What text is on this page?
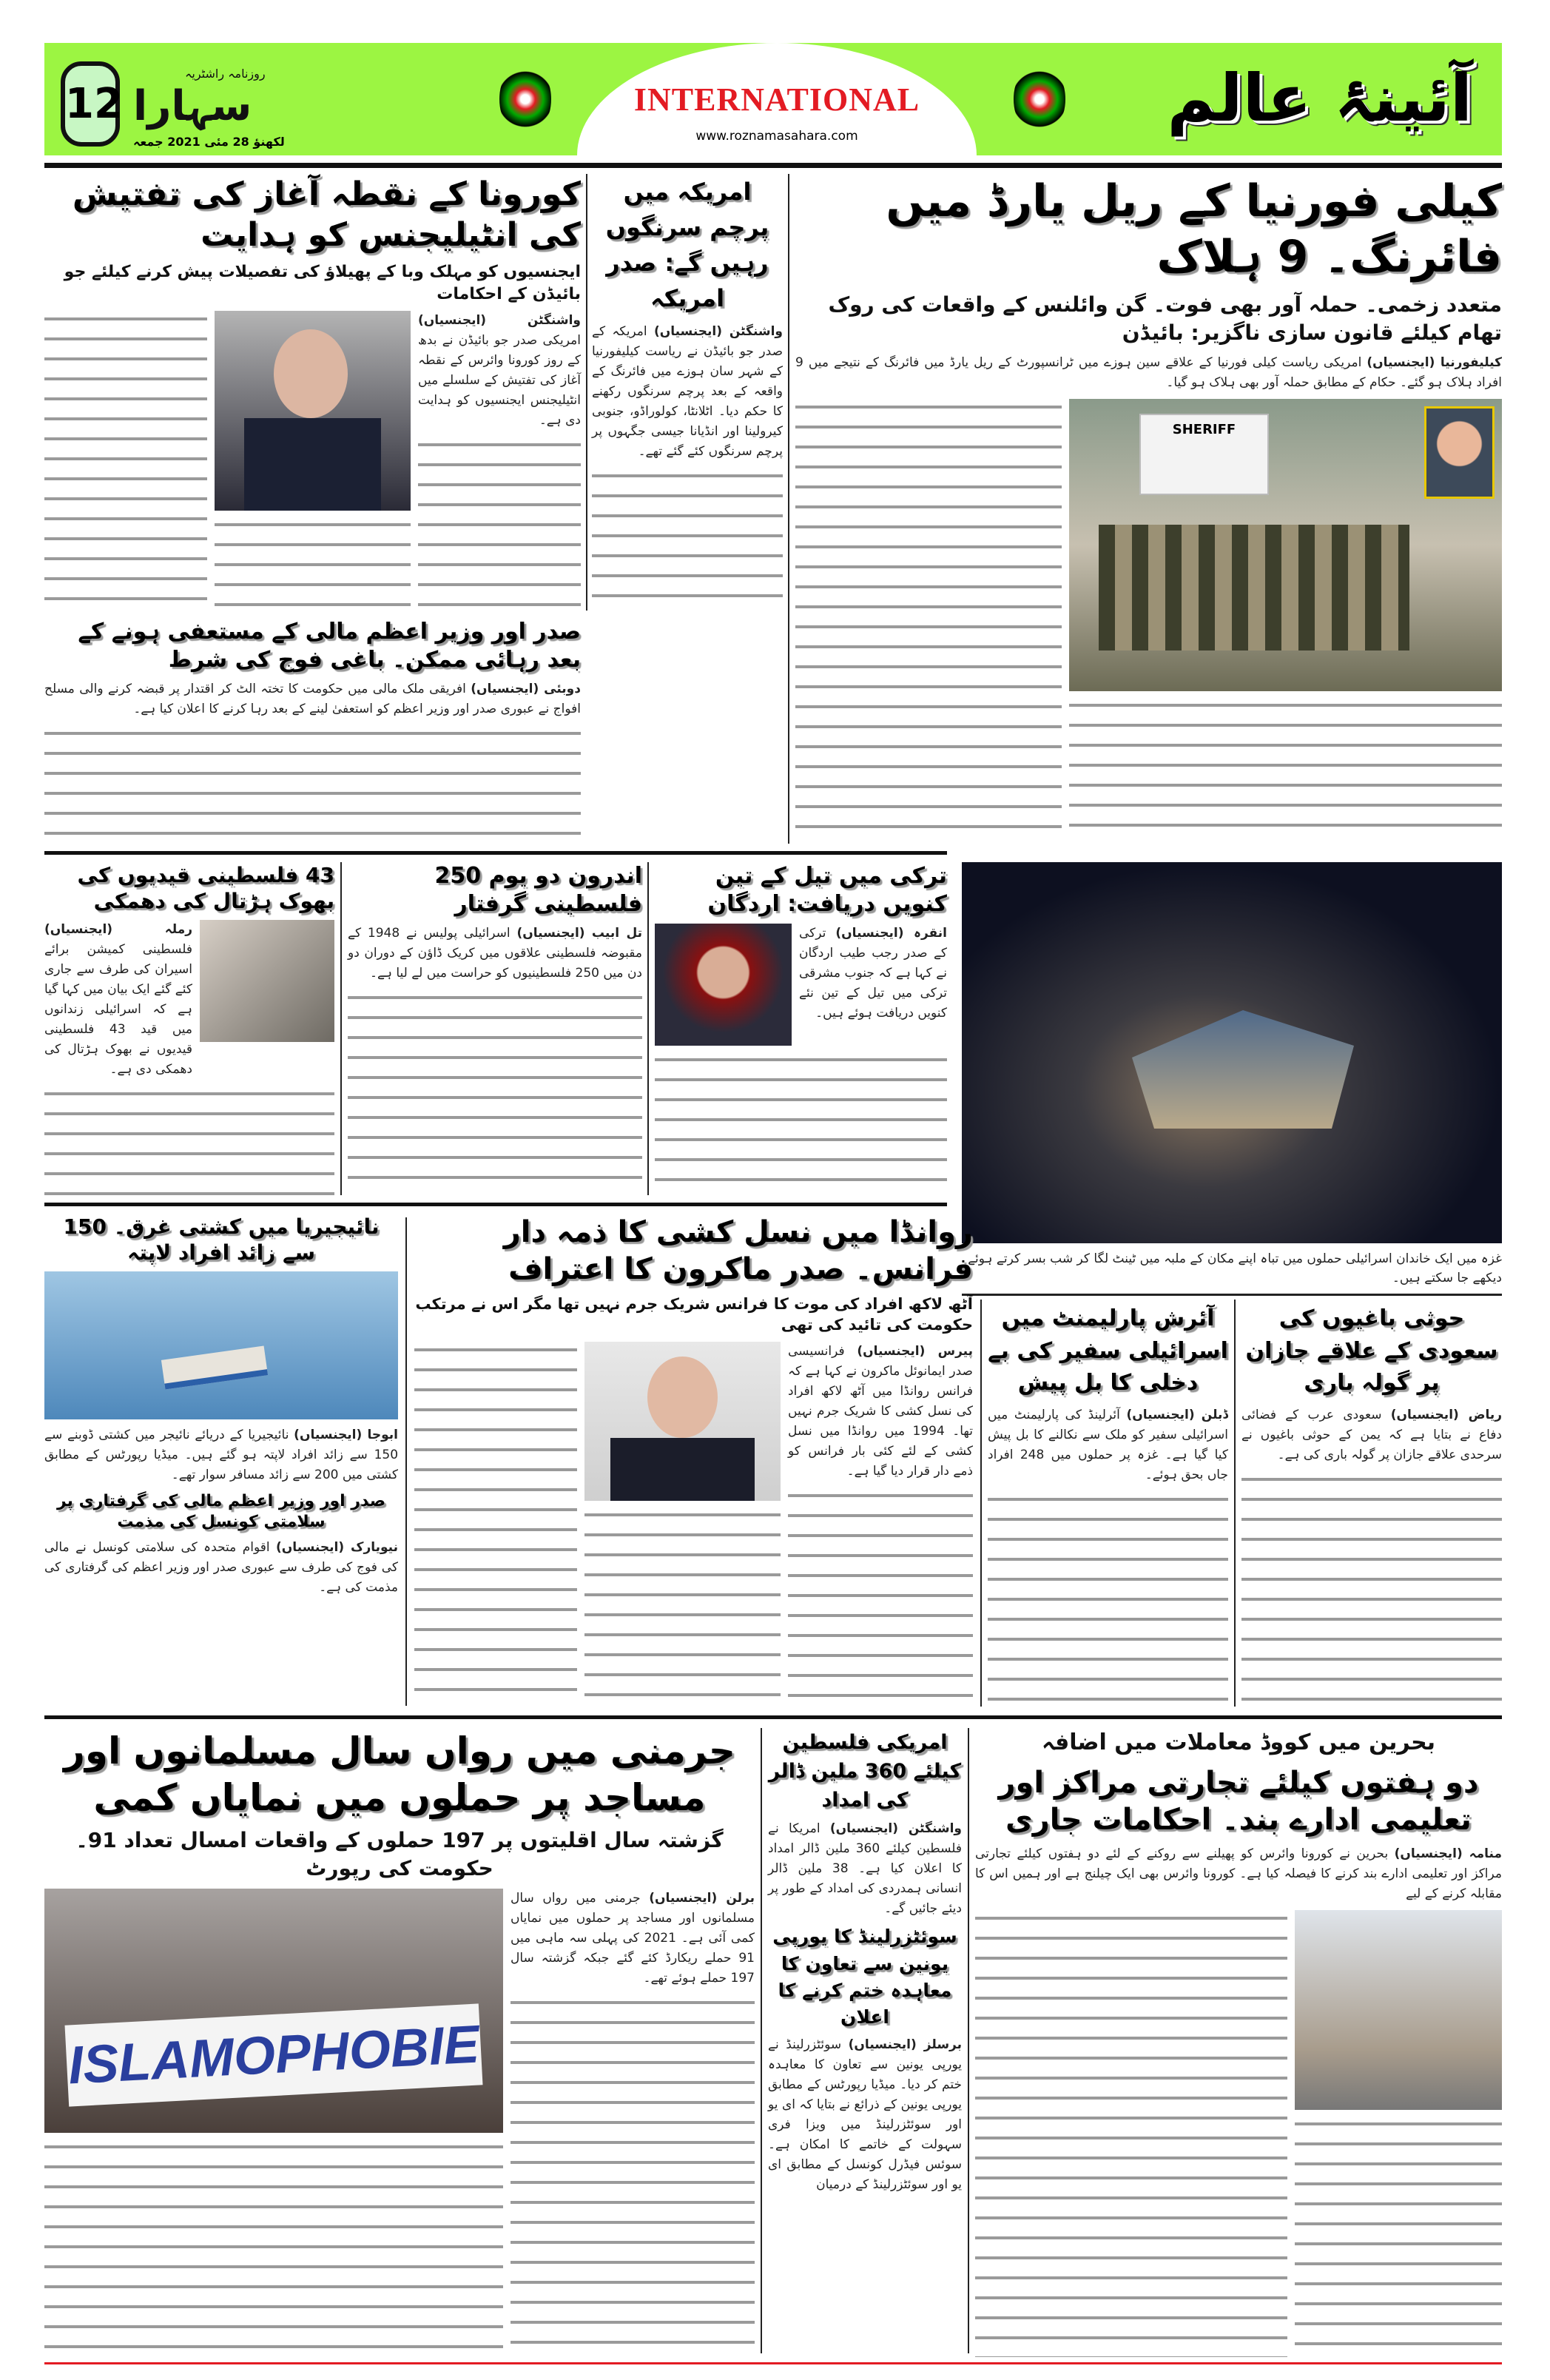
12
روزنامہ راشٹریہ
سہارا
لکھنؤ 28 مئی 2021 جمعہ
INTERNATIONAL
www.roznamasahara.com	آئینۂ عالم
کیلی فورنیا کے ریل یارڈ میں فائرنگ۔ 9 ہلاک
متعدد زخمی۔ حملہ آور بھی فوت۔ گن وائلنس کے واقعات کی روک تھام کیلئے قانون سازی ناگزیر: بائیڈن
کیلیفورنیا (ایجنسیاں) امریکی ریاست کیلی فورنیا کے علاقے سین ہوزے میں ٹرانسپورٹ کے ریل یارڈ میں فائرنگ کے نتیجے میں 9 افراد ہلاک ہو گئے۔ حکام کے مطابق حملہ آور بھی ہلاک ہو گیا۔
SHERIFF
امریکہ میں پرچم سرنگوں رہیں گے: صدر امریکہ
واشنگٹن (ایجنسیاں) امریکہ کے صدر جو بائیڈن نے ریاست کیلیفورنیا کے شہر سان ہوزے میں فائرنگ کے واقعہ کے بعد پرچم سرنگوں رکھنے کا حکم دیا۔ اٹلانٹا، کولوراڈو، جنوبی کیرولینا اور انڈیانا جیسی جگہوں پر پرچم سرنگوں کئے گئے تھے۔
کورونا کے نقطہ آغاز کی تفتیش کی انٹیلیجنس کو ہدایت
ایجنسیوں کو مہلک وبا کے پھیلاؤ کی تفصیلات پیش کرنے کیلئے جو بائیڈن کے احکامات
واشنگٹن (ایجنسیاں) امریکی صدر جو بائیڈن نے بدھ کے روز کورونا وائرس کے نقطہ آغاز کی تفتیش کے سلسلے میں انٹیلیجنس ایجنسیوں کو ہدایت دی ہے۔
صدر اور وزیر اعظم مالی کے مستعفی ہونے کے بعد رہائی ممکن۔ باغی فوج کی شرط
دوبئی (ایجنسیاں) افریقی ملک مالی میں حکومت کا تختہ الٹ کر اقتدار پر قبضہ کرنے والی مسلح افواج نے عبوری صدر اور وزیر اعظم کو استعفیٰ لینے کے بعد رہا کرنے کا اعلان کیا ہے۔
ترکی میں تیل کے تین کنویں دریافت: اردگان
انقرہ (ایجنسیاں) ترکی کے صدر رجب طیب اردگان نے کہا ہے کہ جنوب مشرقی ترکی میں تیل کے تین نئے کنویں دریافت ہوئے ہیں۔
اندرون دو یوم 250 فلسطینی گرفتار
تل ابیب (ایجنسیاں) اسرائیلی پولیس نے 1948 کے مقبوضہ فلسطینی علاقوں میں کریک ڈاؤن کے دوران دو دن میں 250 فلسطینیوں کو حراست میں لے لیا ہے۔
43 فلسطینی قیدیوں کی بھوک ہڑتال کی دھمکی
رملہ (ایجنسیاں) فلسطینی کمیشن برائے اسیران کی طرف سے جاری کئے گئے ایک بیان میں کہا گیا ہے کہ اسرائیلی زندانوں میں قید 43 فلسطینی قیدیوں نے بھوک ہڑتال کی دھمکی دی ہے۔
غزہ میں ایک خاندان اسرائیلی حملوں میں تباہ اپنے مکان کے ملبہ میں ٹینٹ لگا کر شب بسر کرتے ہوئے دیکھے جا سکتے ہیں۔
نائیجیریا میں کشتی غرق۔ 150 سے زائد افراد لاپتہ
ابوجا (ایجنسیاں) نائیجیریا کے دریائے نائیجر میں کشتی ڈوبنے سے 150 سے زائد افراد لاپتہ ہو گئے ہیں۔ میڈیا رپورٹس کے مطابق کشتی میں 200 سے زائد مسافر سوار تھے۔
صدر اور وزیر اعظم مالی کی گرفتاری پر سلامتی کونسل کی مذمت
نیویارک (ایجنسیاں) اقوام متحدہ کی سلامتی کونسل نے مالی کی فوج کی طرف سے عبوری صدر اور وزیر اعظم کی گرفتاری کی مذمت کی ہے۔
روانڈا میں نسل کشی کا ذمہ دار فرانس۔ صدر ماکرون کا اعتراف
آٹھ لاکھ افراد کی موت کا فرانس شریک جرم نہیں تھا مگر اس نے مرتکب حکومت کی تائید کی تھی
پیرس (ایجنسیاں) فرانسیسی صدر ایمانوئل ماکرون نے کہا ہے کہ فرانس روانڈا میں آٹھ لاکھ افراد کی نسل کشی کا شریک جرم نہیں تھا۔ 1994 میں روانڈا میں نسل کشی کے لئے کئی بار فرانس کو ذمے دار قرار دیا گیا ہے۔
آئرش پارلیمنٹ میں اسرائیلی سفیر کی بے دخلی کا بل پیش
ڈبلن (ایجنسیاں) آئرلینڈ کی پارلیمنٹ میں اسرائیلی سفیر کو ملک سے نکالنے کا بل پیش کیا گیا ہے۔ غزہ پر حملوں میں 248 افراد جاں بحق ہوئے۔
حوثی باغیوں کی سعودی کے علاقے جازان پر گولہ باری
ریاض (ایجنسیاں) سعودی عرب کے فضائی دفاع نے بتایا ہے کہ یمن کے حوثی باغیوں نے سرحدی علاقے جازان پر گولہ باری کی ہے۔
جرمنی میں رواں سال مسلمانوں اور مساجد پر حملوں میں نمایاں کمی
گزشتہ سال اقلیتوں پر 197 حملوں کے واقعات امسال تعداد 91۔ حکومت کی رپورٹ
ISLAMOPHOBIE
برلن (ایجنسیاں) جرمنی میں رواں سال مسلمانوں اور مساجد پر حملوں میں نمایاں کمی آئی ہے۔ 2021 کی پہلی سہ ماہی میں 91 حملے ریکارڈ کئے گئے جبکہ گزشتہ سال 197 حملے ہوئے تھے۔
امریکی فلسطین کیلئے 360 ملین ڈالر کی امداد
واشنگٹن (ایجنسیاں) امریکا نے فلسطین کیلئے 360 ملین ڈالر امداد کا اعلان کیا ہے۔ 38 ملین ڈالر انسانی ہمدردی کی امداد کے طور پر دیئے جائیں گے۔
سوئٹزرلینڈ کا یورپی یونین سے تعاون کا معاہدہ ختم کرنے کا اعلان
برسلز (ایجنسیاں) سوئٹزرلینڈ نے یورپی یونین سے تعاون کا معاہدہ ختم کر دیا۔ میڈیا رپورٹس کے مطابق یورپی یونین کے ذرائع نے بتایا کہ ای یو اور سوئٹزرلینڈ میں ویزا فری سہولت کے خاتمے کا امکان ہے۔ سوئس فیڈرل کونسل کے مطابق ای یو اور سوئٹزرلینڈ کے درمیان
بحرین میں کووڈ معاملات میں اضافہ
دو ہفتوں کیلئے تجارتی مراکز اور تعلیمی ادارے بند۔ احکامات جاری
منامہ (ایجنسیاں) بحرین نے کورونا وائرس کو پھیلنے سے روکنے کے لئے دو ہفتوں کیلئے تجارتی مراکز اور تعلیمی ادارے بند کرنے کا فیصلہ کیا ہے۔ کورونا وائرس بھی ایک چیلنج ہے اور ہمیں اس کا مقابلہ کرنے کے لیے
